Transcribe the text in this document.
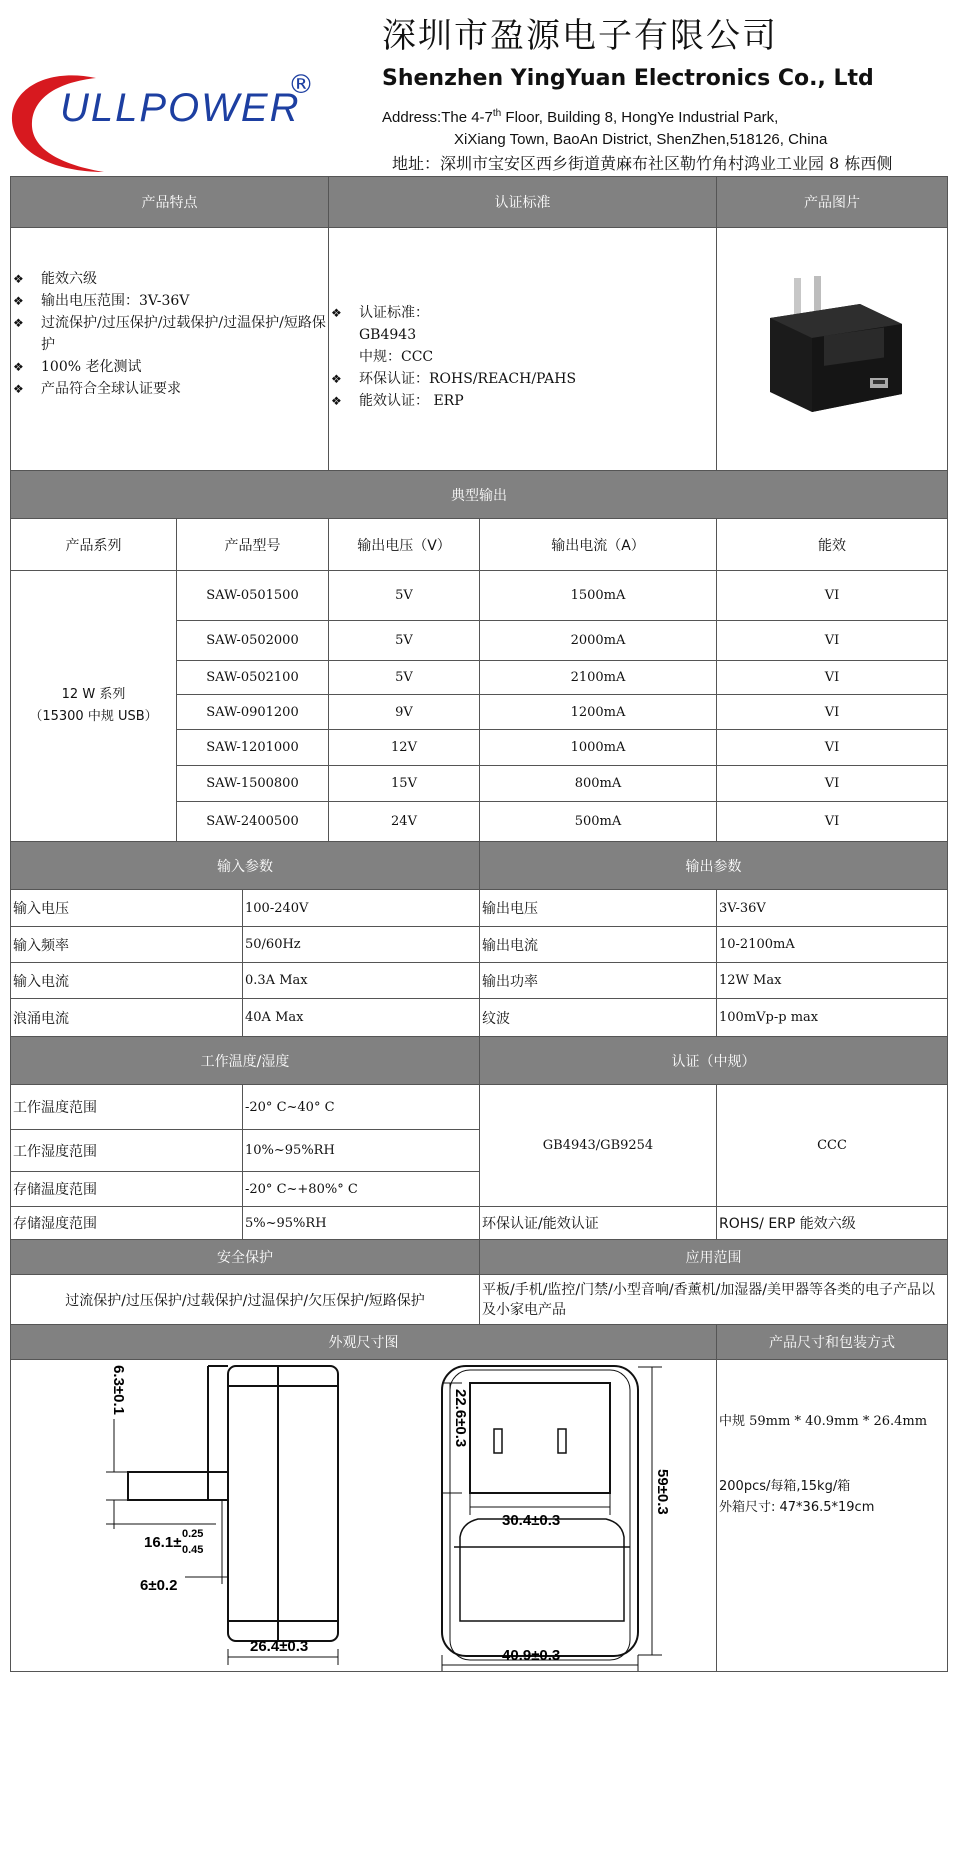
ULLPOWER
®
深圳市盈源电子有限公司
Shenzhen YingYuan Electronics Co., Ltd
Address:The 4-7th Floor, Building 8, HongYe Industrial Park,
XiXiang Town, BaoAn District, ShenZhen,518126, China
地址：深圳市宝安区西乡街道黄麻布社区勒竹角村鸿业工业园 8 栋西侧
产品特点	认证标准	产品图片
❖ 能效六级
❖ 输出电压范围：3V-36V
❖ 过流保护/过压保护/过载保护/过温保护/短路保护
❖ 100% 老化测试
❖ 产品符合全球认证要求
❖ 认证标准：
GB4943
中规：CCC
❖ 环保认证：ROHS/REACH/PAHS
❖ 能效认证： ERP
典型输出
产品系列	产品型号	输出电压（V）	输出电流（A）	能效
12 W 系列
（15300 中规 USB）
SAW-0501500	5V	1500mA	VI
SAW-0502000	5V	2000mA	VI
SAW-0502100	5V	2100mA	VI
SAW-0901200	9V	1200mA	VI
SAW-1201000	12V	1000mA	VI
SAW-1500800	15V	800mA	VI
SAW-2400500	24V	500mA	VI
输入参数	输出参数
输入电压	100-240V	输出电压	3V-36V
输入频率	50/60Hz	输出电流	10-2100mA
输入电流	0.3A Max	输出功率	12W Max
浪涌电流	40A Max	纹波	100mVp-p max
工作温度/湿度	认证（中规）
工作温度范围	-20° C~40° C
工作湿度范围	10%~95%RH
存储温度范围	-20° C~+80%° C
存储湿度范围	5%~95%RH
GB4943/GB9254	CCC
环保认证/能效认证	ROHS/ ERP 能效六级
安全保护	应用范围
过流保护/过压保护/过载保护/过温保护/欠压保护/短路保护
平板/手机/监控/门禁/小型音响/香薰机/加湿器/美甲器等各类的电子产品以及小家电产品
外观尺寸图	产品尺寸和包装方式
中规 59mm * 40.9mm * 26.4mm
200pcs/每箱,15kg/箱
外箱尺寸: 47*36.5*19cm
6.3±0.1
16.1± 0.25
0.45
6±0.2
26.4±0.3
22.6±0.3
30.4±0.3
59±0.3
40.9±0.3
